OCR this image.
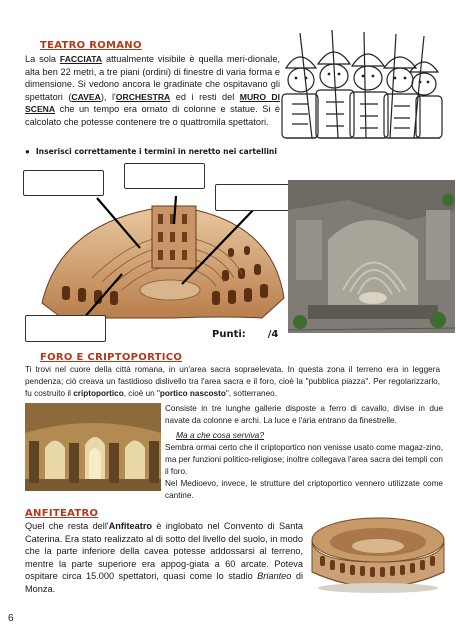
TEATRO ROMANO
La sola FACCIATA attualmente visibile è quella meri-dionale, alta ben 22 metri, a tre piani (ordini) di finestre di varia forma e dimensione. Si vedono ancora le gradinate che ospitavano gli spettatori (CAVEA), l'ORCHESTRA ed i resti del MURO DI SCENA che un tempo era ornato di colonne e statue. Si è calcolato che potesse contenere tre o quattromila spettatori.
● Inserisci correttamente i termini in neretto nei cartellini
Punti: /4
FORO E CRIPTOPORTICO
Ti trovi nel cuore della città romana, in un'area sacra sopraelevata. In questa zona il terreno era in leggera pendenza; ciò creava un fastidioso dislivello tra l'area sacra e il foro, cioè la "pubblica piazza". Per regolarizzarlo, fu costruito il criptoportico, cioè un "portico nascosto", sotterraneo.
Consiste in tre lunghe gallerie disposte a ferro di cavallo, divise in due navate da colonne e archi. La luce e l'aria entrano da finestrelle.
Ma a che cosa serviva?
Sembra ormai certo che il criptoportico non venisse usato come magaz-zino, ma per funzioni politico-religiose; inoltre collegava l'area sacra dei templi con il foro.
Nel Medioevo, invece, le strutture del criptoportico vennero utilizzate come cantine.
ANFITEATRO
Quel che resta dell'Anfiteatro è inglobato nel Convento di Santa Caterina. Era stato realizzato al di sotto del livello del suolo, in modo che la parte inferiore della cavea potesse addossarsi al terreno, mentre la parte superiore era appog-giata a 60 arcate. Poteva ospitare circa 15.000 spettatori, quasi come lo stadio Brianteo di Monza.
6
